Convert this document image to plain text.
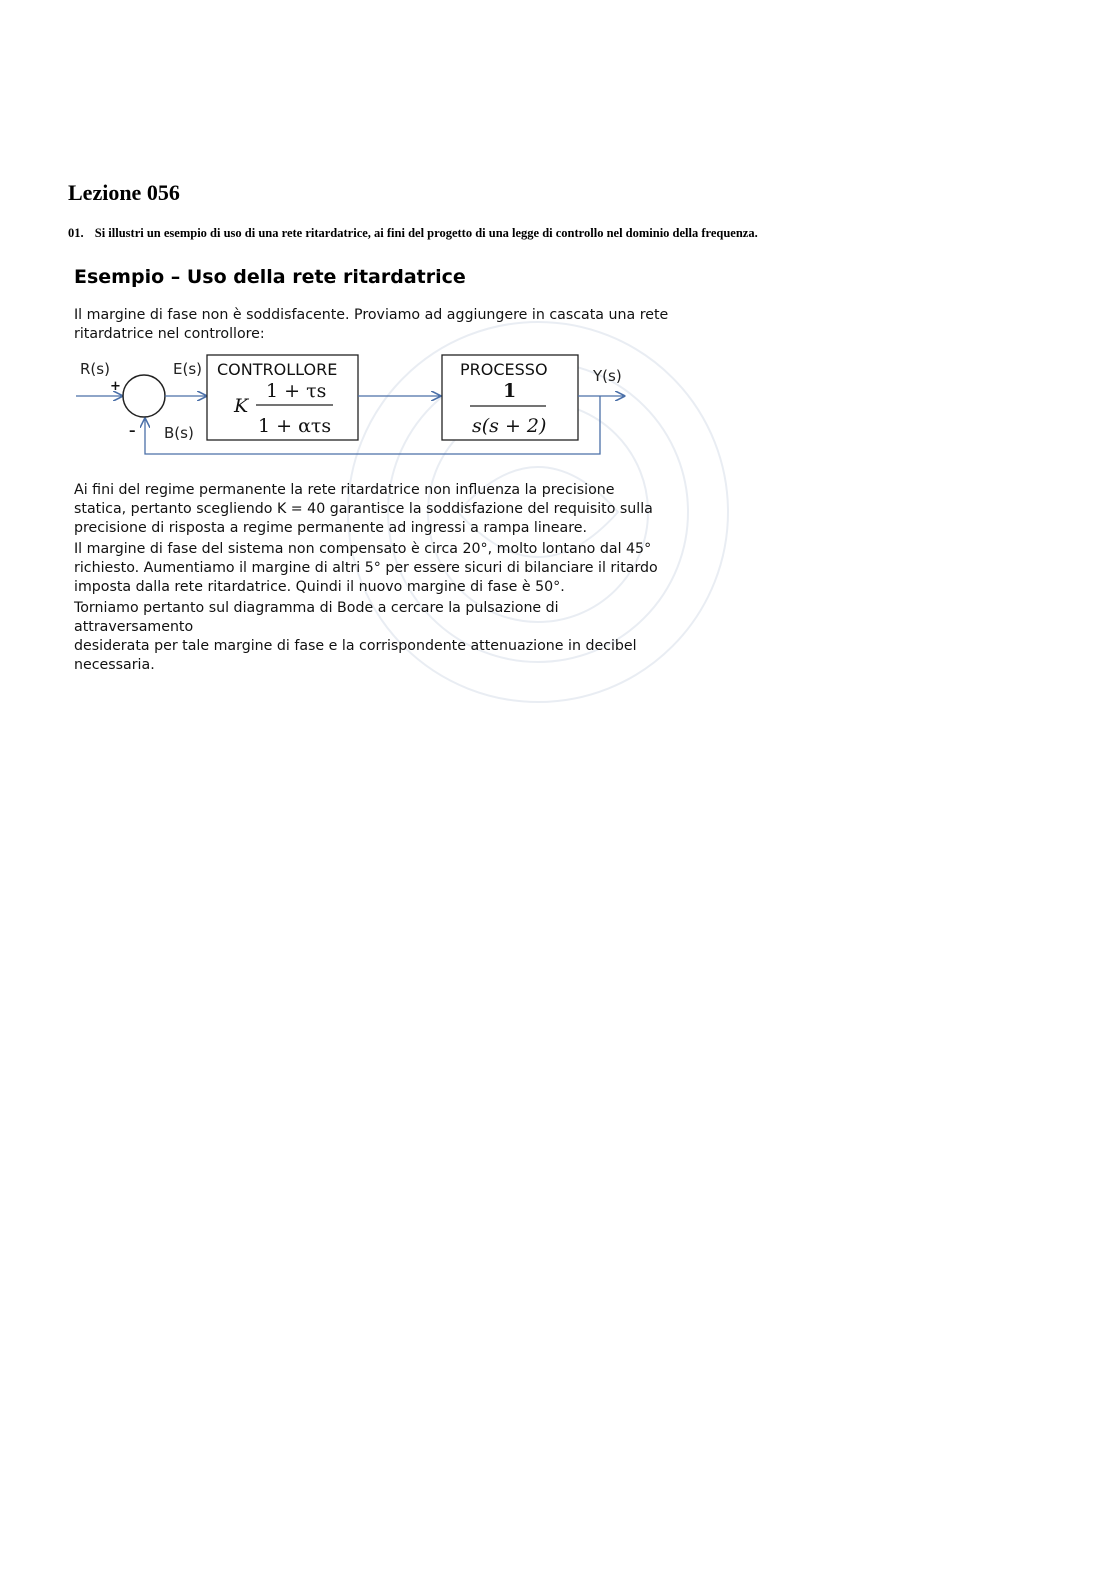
Lezione 056
01. Si illustri un esempio di uso di una rete ritardatrice, ai fini del progetto di una legge di controllo nel dominio della frequenza.
Esempio – Uso della rete ritardatrice
Il margine di fase non è soddisfacente. Proviamo ad aggiungere in cascata una rete
ritardatrice nel controllore:
CONTROLLORE
K
1 + τs
1 + ατs
PROCESSO
1
s(s + 2)
R(s)
+
–
E(s)
B(s)
Y(s)
Ai fini del regime permanente la rete ritardatrice non influenza la precisione
statica, pertanto scegliendo K = 40 garantisce la soddisfazione del requisito sulla
precisione di risposta a regime permanente ad ingressi a rampa lineare.
Il margine di fase del sistema non compensato è circa 20°, molto lontano dal 45°
richiesto. Aumentiamo il margine di altri 5° per essere sicuri di bilanciare il ritardo
imposta dalla rete ritardatrice. Quindi il nuovo margine di fase è 50°.
Torniamo pertanto sul diagramma di Bode a cercare la pulsazione di attraversamento
desiderata per tale margine di fase e la corrispondente attenuazione in decibel
necessaria.
